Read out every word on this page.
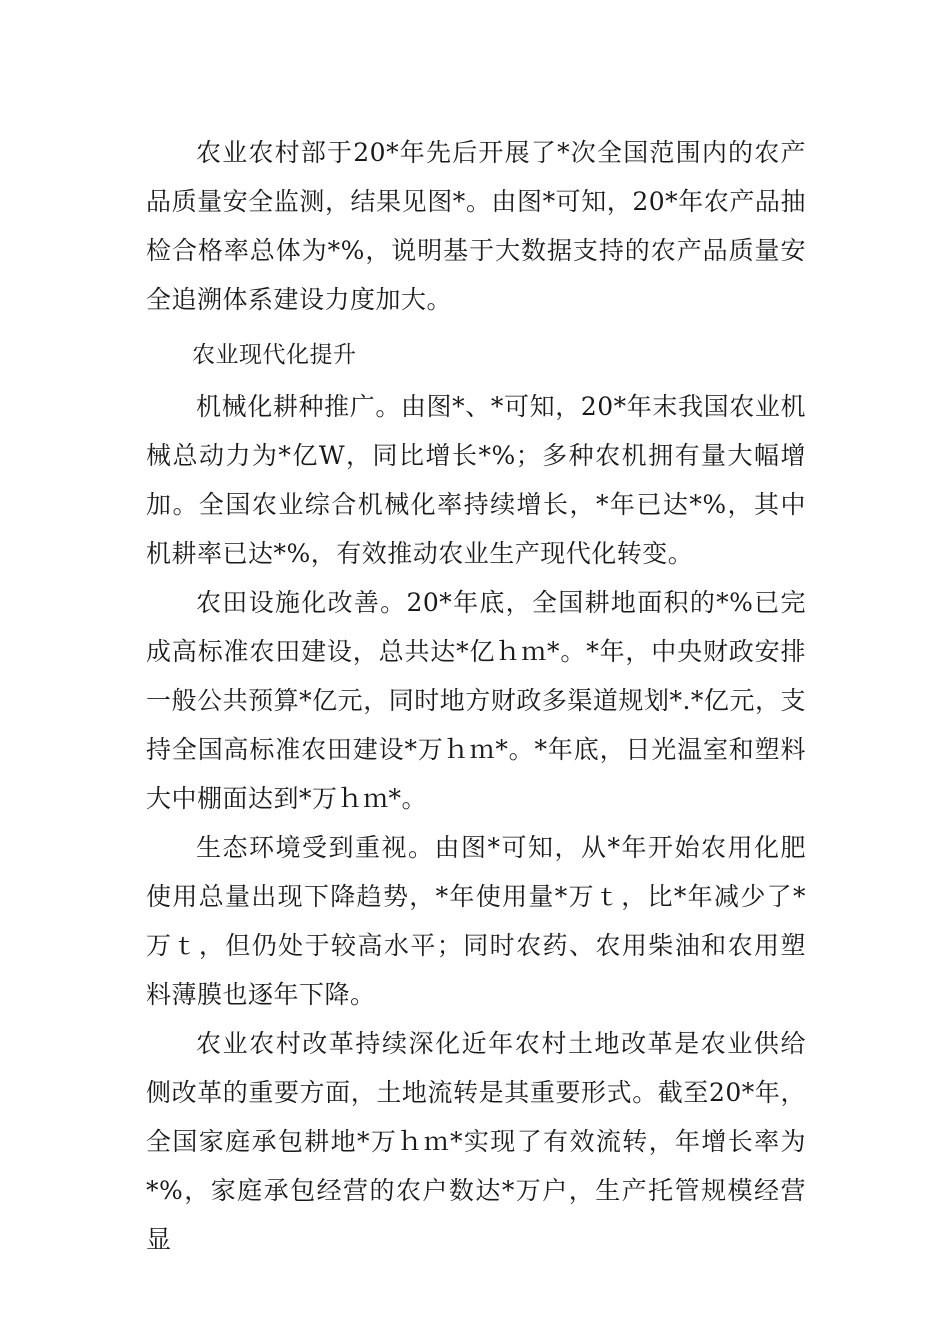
农业农村部于20*年先后开展了*次全国范围内的农产品质量安全监测，结果见图*。由图*可知，20*年农产品抽检合格率总体为*%，说明基于大数据支持的农产品质量安全追溯体系建设力度加大。

农业现代化提升

机械化耕种推广。由图*、*可知，20*年末我国农业机械总动力为*亿W，同比增长*%；多种农机拥有量大幅增加。全国农业综合机械化率持续增长，*年已达*%，其中机耕率已达*%，有效推动农业生产现代化转变。

农田设施化改善。20*年底，全国耕地面积的*%已完成高标准农田建设，总共达*亿ｈｍ*。*年，中央财政安排一般公共预算*亿元，同时地方财政多渠道规划*.*亿元，支持全国高标准农田建设*万ｈｍ*。*年底，日光温室和塑料大中棚面达到*万ｈｍ*。

生态环境受到重视。由图*可知，从*年开始农用化肥使用总量出现下降趋势，*年使用量*万ｔ，比*年减少了*万ｔ，但仍处于较高水平；同时农药、农用柴油和农用塑料薄膜也逐年下降。

农业农村改革持续深化近年农村土地改革是农业供给侧改革的重要方面，土地流转是其重要形式。截至20*年，全国家庭承包耕地*万ｈｍ*实现了有效流转，年增长率为*%，家庭承包经营的农户数达*万户，生产托管规模经营显
